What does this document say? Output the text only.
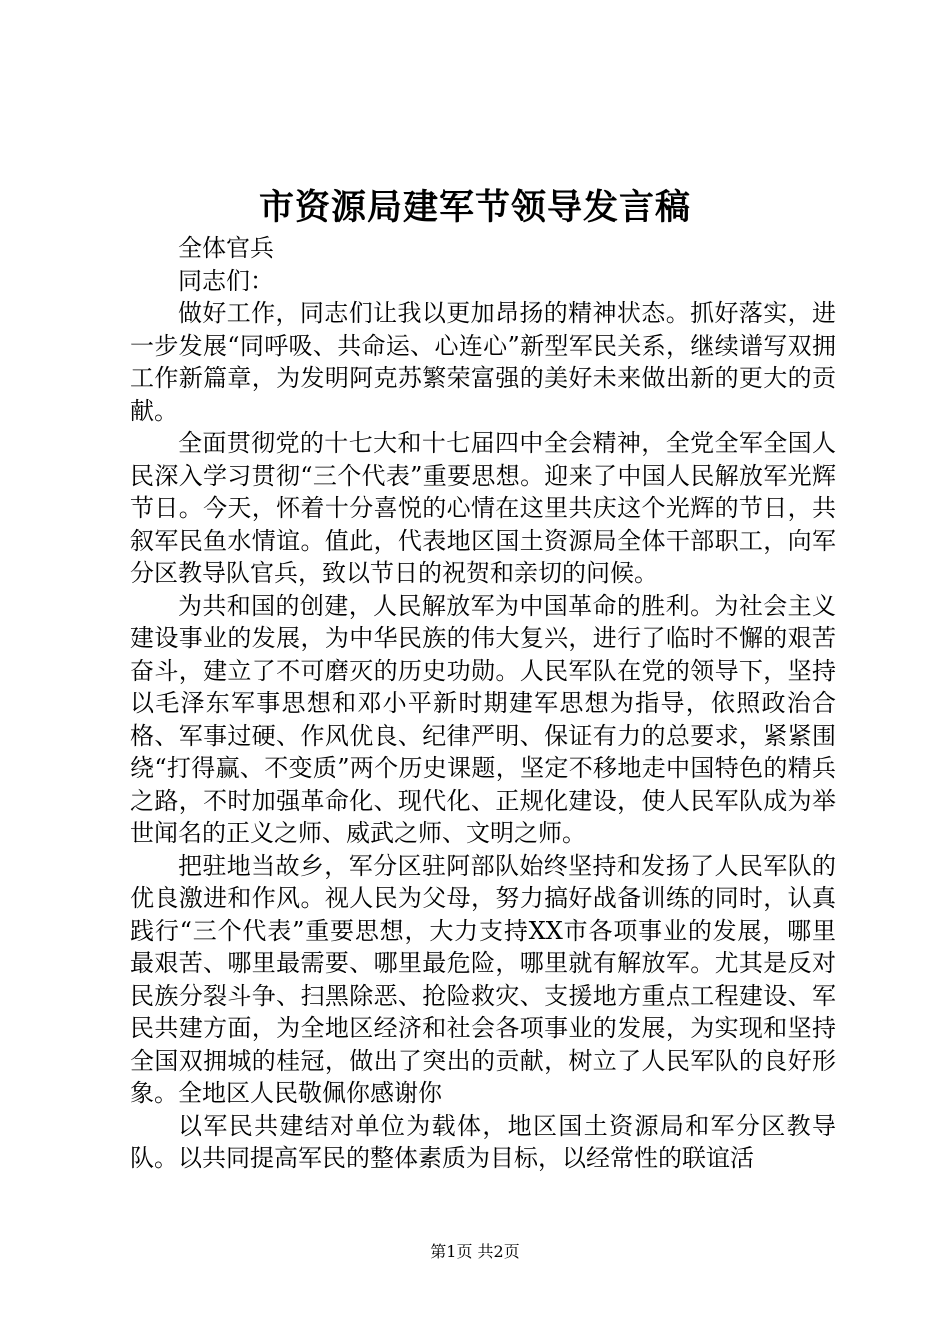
市资源局建军节领导发言稿

全体官兵

同志们：

做好工作，同志们让我以更加昂扬的精神状态。抓好落实，进一步发展“同呼吸、共命运、心连心”新型军民关系，继续谱写双拥工作新篇章，为发明阿克苏繁荣富强的美好未来做出新的更大的贡献。

全面贯彻党的十七大和十七届四中全会精神，全党全军全国人民深入学习贯彻“三个代表”重要思想。迎来了中国人民解放军光辉节日。今天，怀着十分喜悦的心情在这里共庆这个光辉的节日，共叙军民鱼水情谊。值此，代表地区国土资源局全体干部职工，向军分区教导队官兵，致以节日的祝贺和亲切的问候。

为共和国的创建，人民解放军为中国革命的胜利。为社会主义建设事业的发展，为中华民族的伟大复兴，进行了临时不懈的艰苦奋斗，建立了不可磨灭的历史功勋。人民军队在党的领导下，坚持以毛泽东军事思想和邓小平新时期建军思想为指导，依照政治合格、军事过硬、作风优良、纪律严明、保证有力的总要求，紧紧围绕“打得赢、不变质”两个历史课题，坚定不移地走中国特色的精兵之路，不时加强革命化、现代化、正规化建设，使人民军队成为举世闻名的正义之师、威武之师、文明之师。

把驻地当故乡，军分区驻阿部队始终坚持和发扬了人民军队的优良激进和作风。视人民为父母，努力搞好战备训练的同时，认真践行“三个代表”重要思想，大力支持XX市各项事业的发展，哪里最艰苦、哪里最需要、哪里最危险，哪里就有解放军。尤其是反对民族分裂斗争、扫黑除恶、抢险救灾、支援地方重点工程建设、军民共建方面，为全地区经济和社会各项事业的发展，为实现和坚持全国双拥城的桂冠，做出了突出的贡献，树立了人民军队的良好形象。全地区人民敬佩你感谢你

以军民共建结对单位为载体，地区国土资源局和军分区教导队。以共同提高军民的整体素质为目标，以经常性的联谊活

第1页 共2页
